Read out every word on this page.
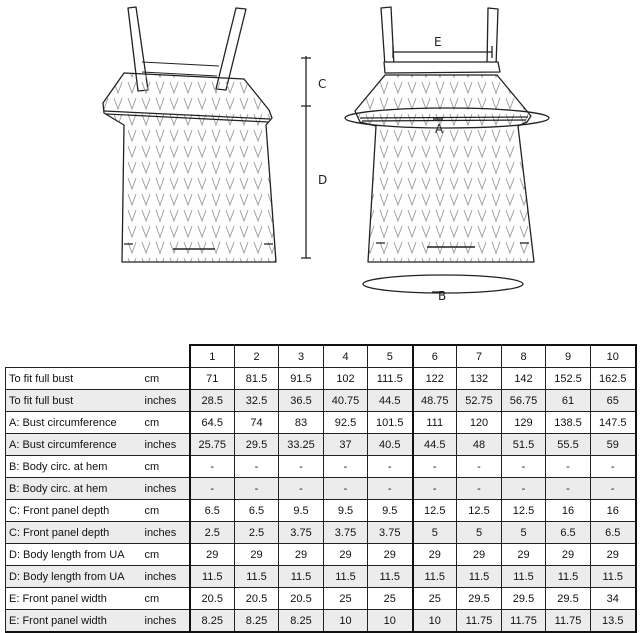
C
D
E
A
B
		1	2	3	4	5	6	7	8	9	10
To fit full bust	cm	71	81.5	91.5	102	111.5	122	132	142	152.5	162.5
To fit full bust	inches	28.5	32.5	36.5	40.75	44.5	48.75	52.75	56.75	61	65
A: Bust circumference	cm	64.5	74	83	92.5	101.5	111	120	129	138.5	147.5
A: Bust circumference	inches	25.75	29.5	33.25	37	40.5	44.5	48	51.5	55.5	59
B: Body circ. at hem	cm	-	-	-	-	-	-	-	-	-	-
B: Body circ. at hem	inches	-	-	-	-	-	-	-	-	-	-
C: Front panel depth	cm	6.5	6.5	9.5	9.5	9.5	12.5	12.5	12.5	16	16
C: Front panel depth	inches	2.5	2.5	3.75	3.75	3.75	5	5	5	6.5	6.5
D: Body length from UA	cm	29	29	29	29	29	29	29	29	29	29
D: Body length from UA	inches	11.5	11.5	11.5	11.5	11.5	11.5	11.5	11.5	11.5	11.5
E: Front panel width	cm	20.5	20.5	20.5	25	25	25	29.5	29.5	29.5	34
E: Front panel width	inches	8.25	8.25	8.25	10	10	10	11.75	11.75	11.75	13.5
